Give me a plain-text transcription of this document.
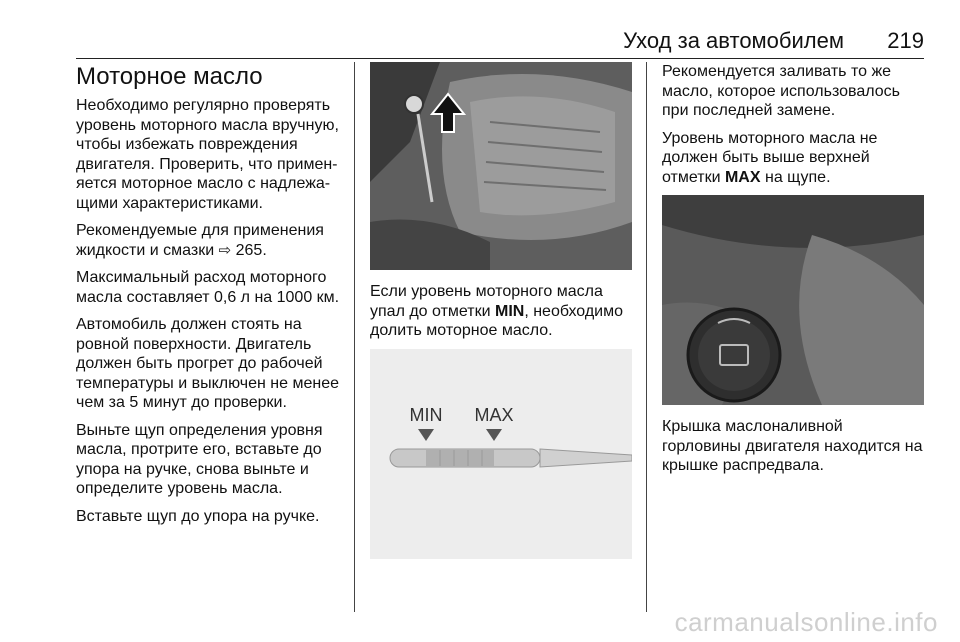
Уход за автомобилем 219
Моторное масло

Необходимо регулярно проверять уровень моторного масла вручную, чтобы избежать повреждения двигателя. Проверить, что примен-яется моторное масло с надлежа-щими характеристиками.

Рекомендуемые для применения жидкости и смазки ⇨ 265.

Максимальный расход моторного масла составляет 0,6 л на 1000 км.

Автомобиль должен стоять на ровной поверхности. Двигатель должен быть прогрет до рабочей температуры и выключен не менее чем за 5 минут до проверки.

Выньте щуп определения уровня масла, протрите его, вставьте до упора на ручке, снова выньте и определите уровень масла.

Вставьте щуп до упора на ручке.

Если уровень моторного масла упал до отметки MIN, необходимо долить моторное масло.

MIN MAX

Рекомендуется заливать то же масло, которое использовалось при последней замене.

Уровень моторного масла не должен быть выше верхней отметки MAX на щупе.

Крышка маслоналивной горловины двигателя находится на крышке распредвала.

carmanualsonline.info
